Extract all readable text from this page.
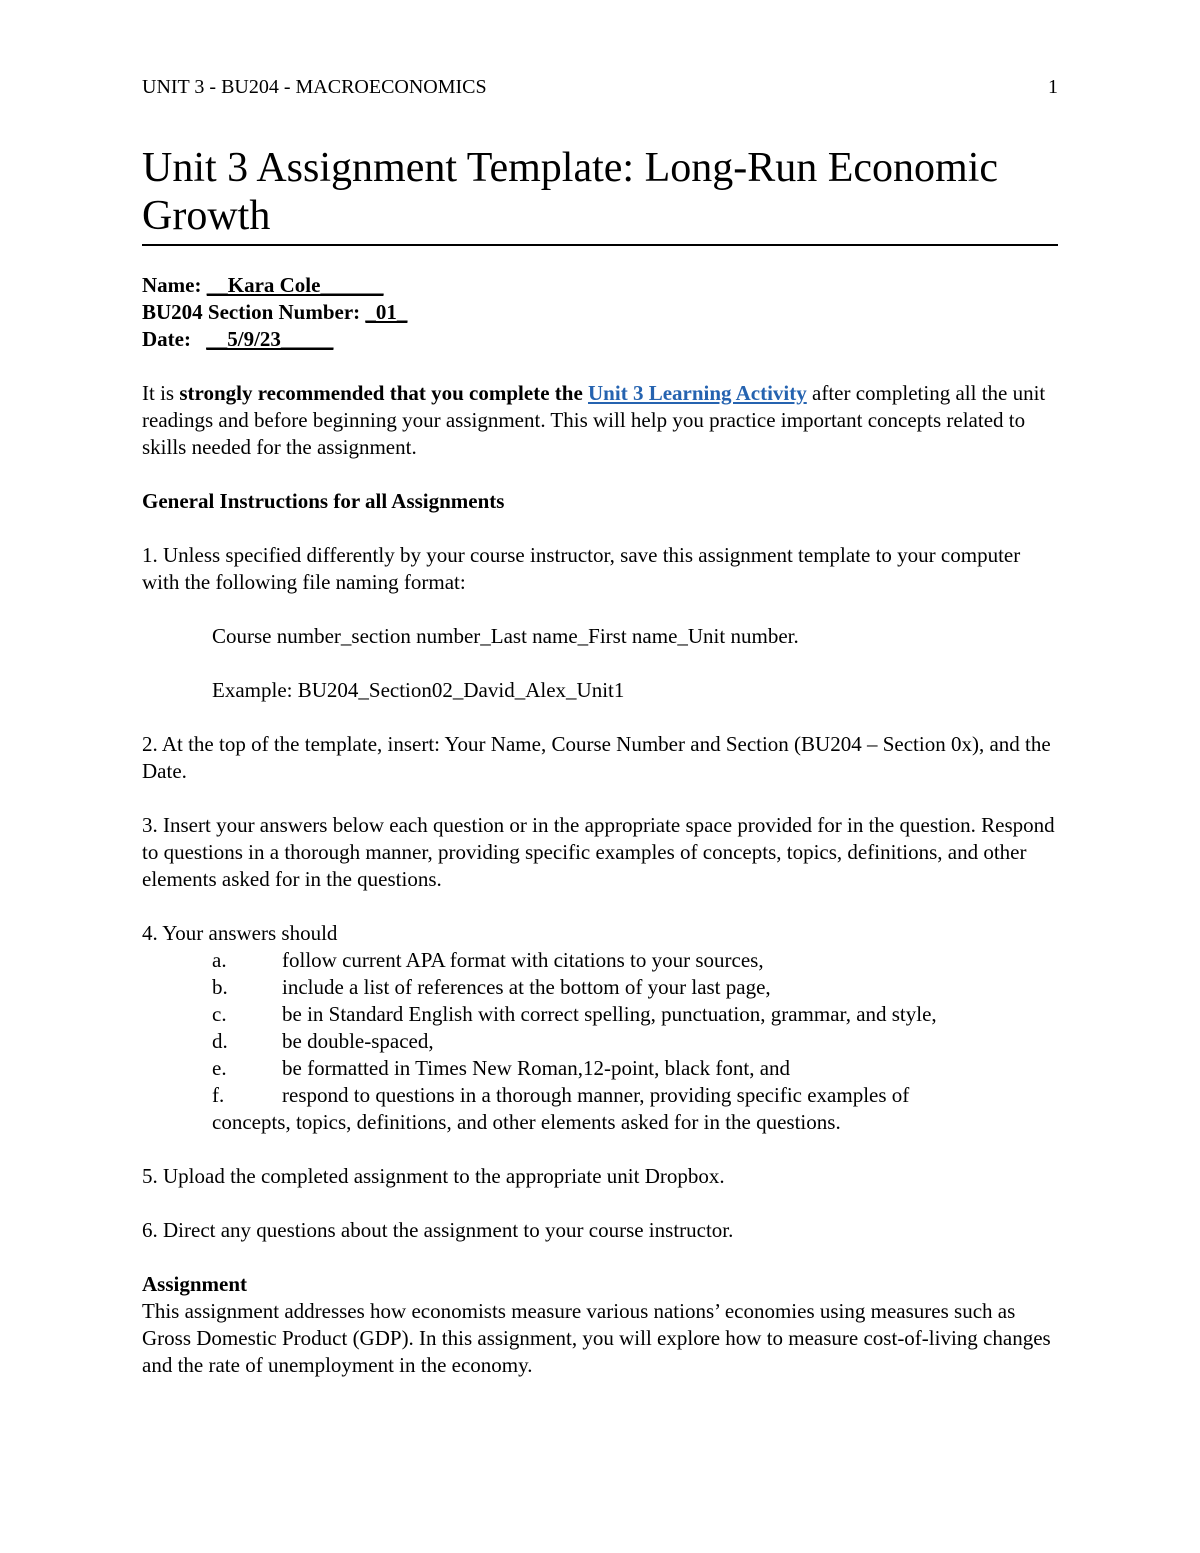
UNIT 3 - BU204 - MACROECONOMICS	1
Unit 3 Assignment Template: Long-Run Economic Growth

Name: __Kara Cole______

BU204 Section Number: _01_

Date: __5/9/23_____

It is strongly recommended that you complete the Unit 3 Learning Activity after completing all the unit readings and before beginning your assignment. This will help you practice important concepts related to skills needed for the assignment.

General Instructions for all Assignments

1. Unless specified differently by your course instructor, save this assignment template to your computer with the following file naming format:

Course number_section number_Last name_First name_Unit number.

Example: BU204_Section02_David_Alex_Unit1

2. At the top of the template, insert: Your Name, Course Number and Section (BU204 – Section 0x), and the Date.

3. Insert your answers below each question or in the appropriate space provided for in the question. Respond to questions in a thorough manner, providing specific examples of concepts, topics, definitions, and other elements asked for in the questions.

4. Your answers should

a.	follow current APA format with citations to your sources,
b.	include a list of references at the bottom of your last page,
c.	be in Standard English with correct spelling, punctuation, grammar, and style,
d.	be double-spaced,
e.	be formatted in Times New Roman,12-point, black font, and
f.	respond to questions in a thorough manner, providing specific examples of

concepts, topics, definitions, and other elements asked for in the questions.

5. Upload the completed assignment to the appropriate unit Dropbox.

6. Direct any questions about the assignment to your course instructor.

Assignment

This assignment addresses how economists measure various nations’ economies using measures such as Gross Domestic Product (GDP). In this assignment, you will explore how to measure cost-of-living changes and the rate of unemployment in the economy.
